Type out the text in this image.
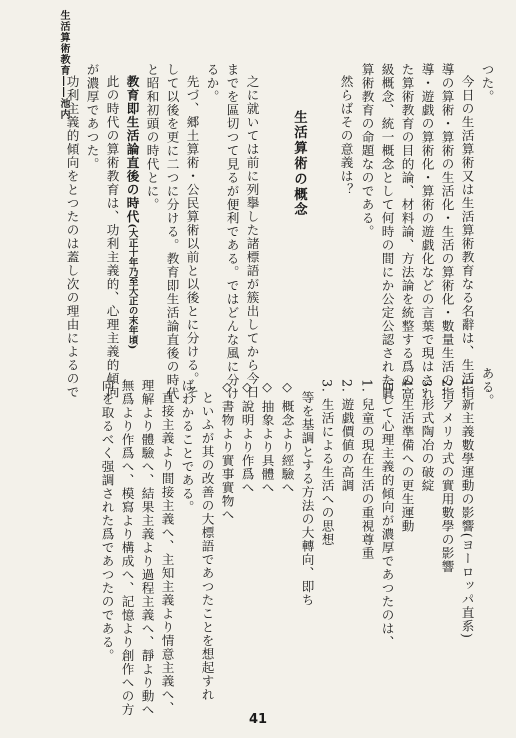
生活算術教育――池内	つた。
今日の生活算術又は生活算術教育なる名辭は、生活指
導の算術・算術の生活化・生活の算術化・數量生活の指
導・遊戯の算術化・算術の遊戯化などの言葉で現はされ
た算術教育の目的論、材料論、方法論を統整する爲の高
級概念、統一概念として何時の間にか公定公認された眞
算術教育の命題なのである。
然らばその意義は？
生活算術の概念
之に就いては前に列擧した諸標語が簇出してから今日
までを區切つて見るが便利である。ではどんな風に分け
るか。
先づ、郷土算術・公民算術以前と以後とに分ける。そ
して以後を更に二つに分ける。教育即生活論直後の時代
と昭和初頭の時代とに。
教育即生活論直後の時代(大正十年乃至大正の末年頃)
此の時代の算術教育は、功利主義的、心理主義的傾向
が濃厚であつた。
功利主義的傾向をとつたのは蓋し次の理由によるので	ある。
1. 新主義數學運動の影響(ヨーロッパ直系)
2. アメリカ式の實用數學の影響
3. 形式陶冶の破綻
4. 生活準備への更生運動
而して心理主義的傾向が濃厚であつたのは、
1. 兒童の現在生活の重視尊重
2. 遊戯價値の高調
3. 生活による生活への思想
等を基調とする方法の大轉向、即ち
◇ 概念より經驗へ
◇ 抽象より具體へ
◇ 說明より作爲へ
◇ 書物より實事實物へ
といふが其の改善の大標語であつたことを想起すれ
ばわかることである。
直接主義より間接主義へ、主知主義より情意主義へ、
理解より體驗へ、結果主義より過程主義へ、靜より動へ
無爲より作爲へ、模寫より構成へ、記憶より創作への方
向を取るべく强調された爲であつたのである。
41
